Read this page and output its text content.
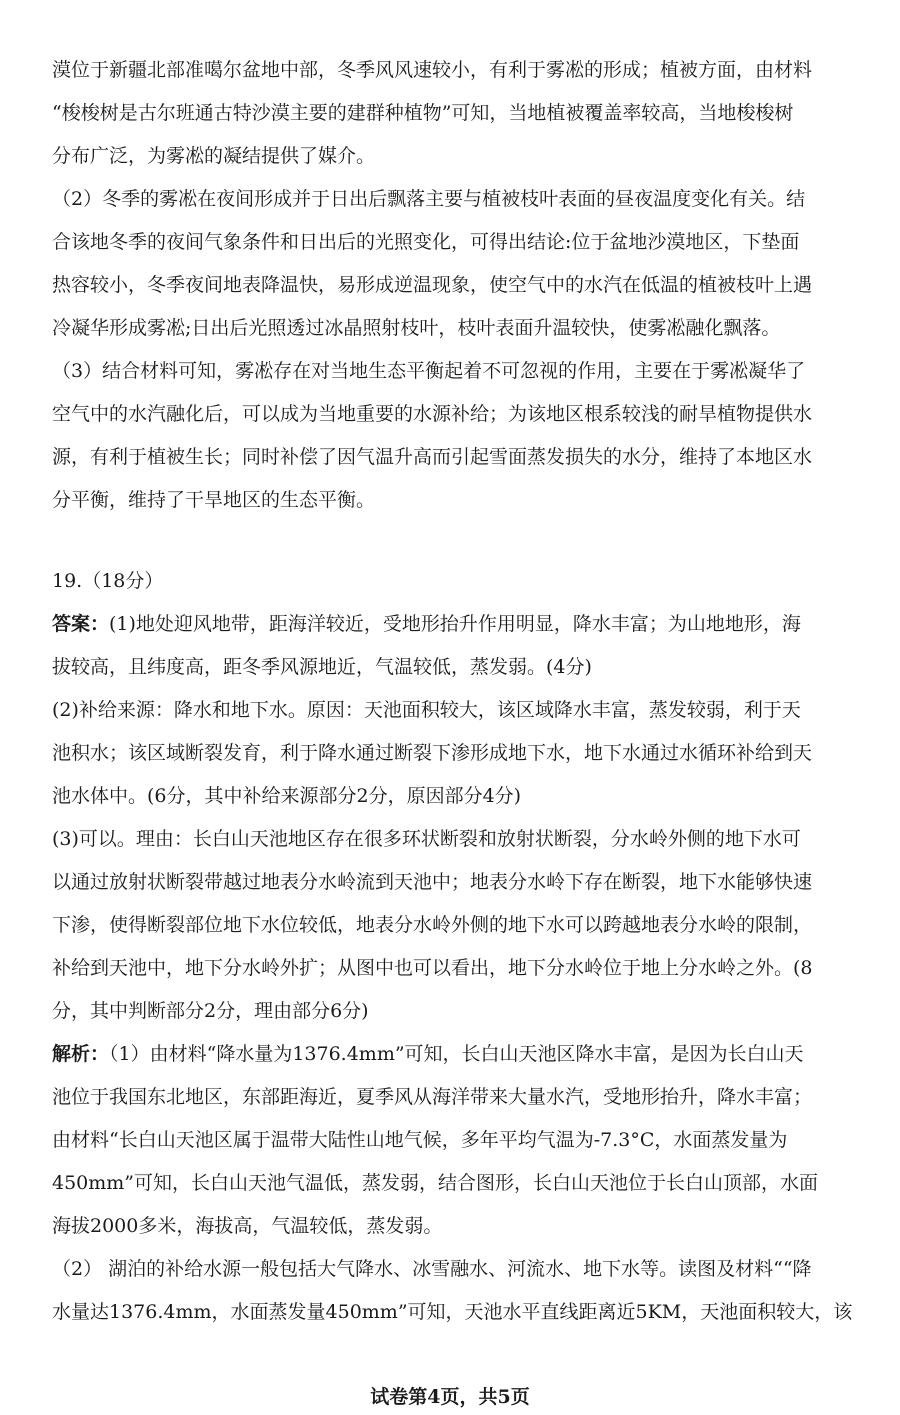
漠位于新疆北部准噶尔盆地中部，冬季风风速较小，有利于雾凇的形成；植被方面，由材料
“梭梭树是古尔班通古特沙漠主要的建群种植物”可知，当地植被覆盖率较高，当地梭梭树
分布广泛，为雾凇的凝结提供了媒介。
（2）冬季的雾凇在夜间形成并于日出后飘落主要与植被枝叶表面的昼夜温度变化有关。结
合该地冬季的夜间气象条件和日出后的光照变化，可得出结论:位于盆地沙漠地区，下垫面
热容较小，冬季夜间地表降温快，易形成逆温现象，使空气中的水汽在低温的植被枝叶上遇
冷凝华形成雾凇;日出后光照透过冰晶照射枝叶，枝叶表面升温较快，使雾凇融化飘落。
（3）结合材料可知，雾凇存在对当地生态平衡起着不可忽视的作用，主要在于雾凇凝华了
空气中的水汽融化后，可以成为当地重要的水源补给；为该地区根系较浅的耐旱植物提供水
源，有利于植被生长；同时补偿了因气温升高而引起雪面蒸发损失的水分，维持了本地区水
分平衡，维持了干旱地区的生态平衡。
19.（18分）
答案：(1)地处迎风地带，距海洋较近，受地形抬升作用明显，降水丰富；为山地地形，海
拔较高，且纬度高，距冬季风源地近，气温较低，蒸发弱。(4分)
(2)补给来源：降水和地下水。原因：天池面积较大，该区域降水丰富，蒸发较弱，利于天
池积水；该区域断裂发育，利于降水通过断裂下渗形成地下水，地下水通过水循环补给到天
池水体中。(6分，其中补给来源部分2分，原因部分4分)
(3)可以。理由：长白山天池地区存在很多环状断裂和放射状断裂，分水岭外侧的地下水可
以通过放射状断裂带越过地表分水岭流到天池中；地表分水岭下存在断裂，地下水能够快速
下渗，使得断裂部位地下水位较低，地表分水岭外侧的地下水可以跨越地表分水岭的限制，
补给到天池中，地下分水岭外扩；从图中也可以看出，地下分水岭位于地上分水岭之外。(8
分，其中判断部分2分，理由部分6分)
解析：（1）由材料“降水量为1376.4mm”可知，长白山天池区降水丰富，是因为长白山天
池位于我国东北地区，东部距海近，夏季风从海洋带来大量水汽，受地形抬升，降水丰富；
由材料“长白山天池区属于温带大陆性山地气候，多年平均气温为-7.3°C，水面蒸发量为
450mm”可知，长白山天池气温低，蒸发弱，结合图形，长白山天池位于长白山顶部，水面
海拔2000多米，海拔高，气温较低，蒸发弱。
（2） 湖泊的补给水源一般包括大气降水、冰雪融水、河流水、地下水等。读图及材料““降
水量达1376.4mm，水面蒸发量450mm”可知，天池水平直线距离近5KM，天池面积较大，该
试卷第4页，共5页
